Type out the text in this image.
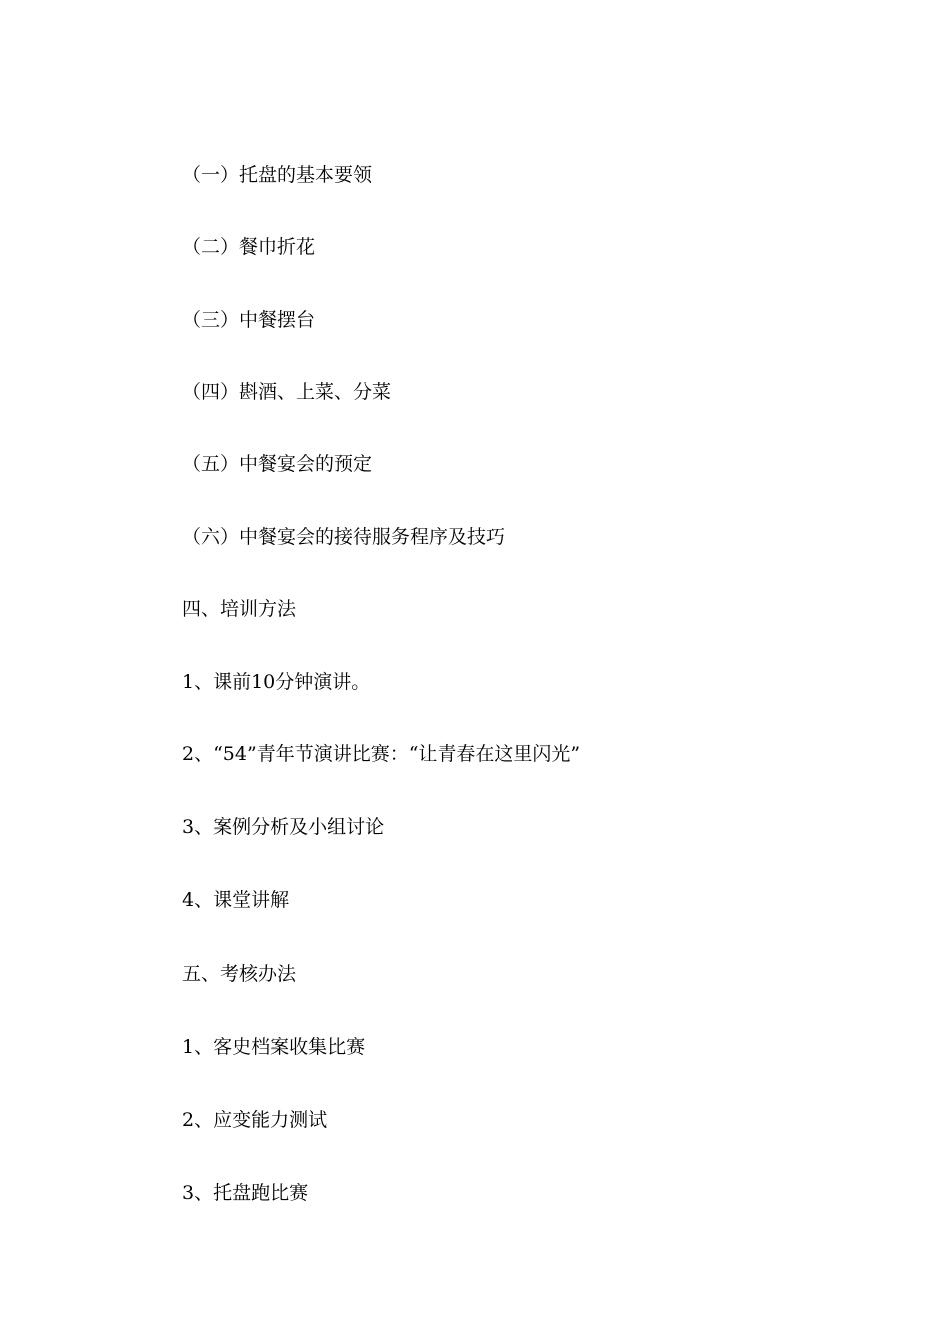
（一）托盘的基本要领
（二）餐巾折花
（三）中餐摆台
（四）斟酒、上菜、分菜
（五）中餐宴会的预定
（六）中餐宴会的接待服务程序及技巧
四、培训方法
1、课前10分钟演讲。
2、“54”青年节演讲比赛：“让青春在这里闪光”
3、案例分析及小组讨论
4、课堂讲解
五、考核办法
1、客史档案收集比赛
2、应变能力测试
3、托盘跑比赛
